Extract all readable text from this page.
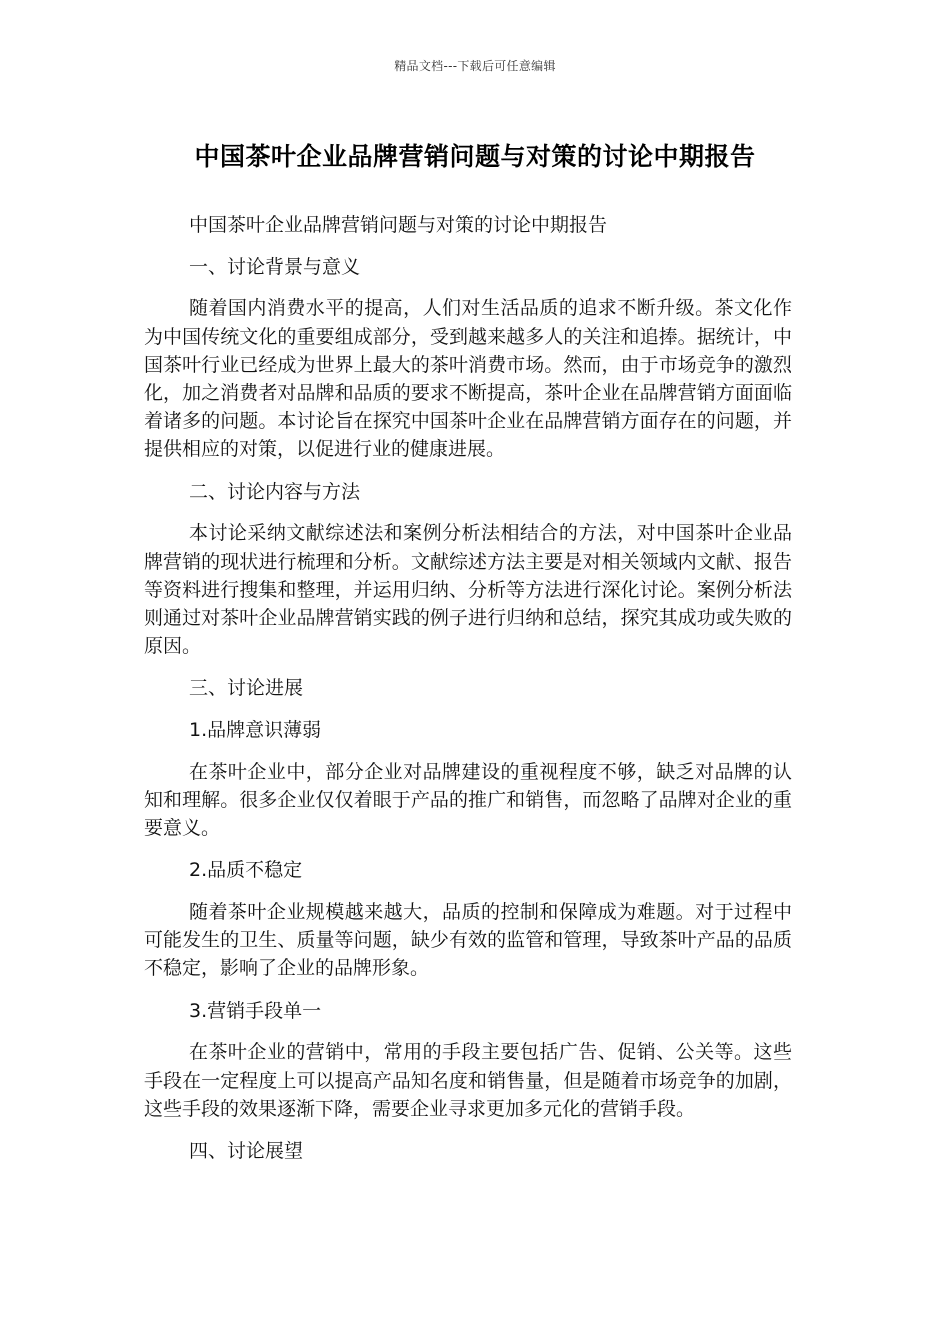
精品文档---下载后可任意编辑
中国茶叶企业品牌营销问题与对策的讨论中期报告

中国茶叶企业品牌营销问题与对策的讨论中期报告

一、讨论背景与意义

随着国内消费水平的提高，人们对生活品质的追求不断升级。茶文化作为中国传统文化的重要组成部分，受到越来越多人的关注和追捧。据统计，中国茶叶行业已经成为世界上最大的茶叶消费市场。然而，由于市场竞争的激烈化，加之消费者对品牌和品质的要求不断提高，茶叶企业在品牌营销方面面临着诸多的问题。本讨论旨在探究中国茶叶企业在品牌营销方面存在的问题，并提供相应的对策，以促进行业的健康进展。

二、讨论内容与方法

本讨论采纳文献综述法和案例分析法相结合的方法，对中国茶叶企业品牌营销的现状进行梳理和分析。文献综述方法主要是对相关领域内文献、报告等资料进行搜集和整理，并运用归纳、分析等方法进行深化讨论。案例分析法则通过对茶叶企业品牌营销实践的例子进行归纳和总结，探究其成功或失败的原因。

三、讨论进展

1.品牌意识薄弱

在茶叶企业中，部分企业对品牌建设的重视程度不够，缺乏对品牌的认知和理解。很多企业仅仅着眼于产品的推广和销售，而忽略了品牌对企业的重要意义。

2.品质不稳定

随着茶叶企业规模越来越大，品质的控制和保障成为难题。对于过程中可能发生的卫生、质量等问题，缺少有效的监管和管理，导致茶叶产品的品质不稳定，影响了企业的品牌形象。

3.营销手段单一

在茶叶企业的营销中，常用的手段主要包括广告、促销、公关等。这些手段在一定程度上可以提高产品知名度和销售量，但是随着市场竞争的加剧，这些手段的效果逐渐下降，需要企业寻求更加多元化的营销手段。

四、讨论展望
